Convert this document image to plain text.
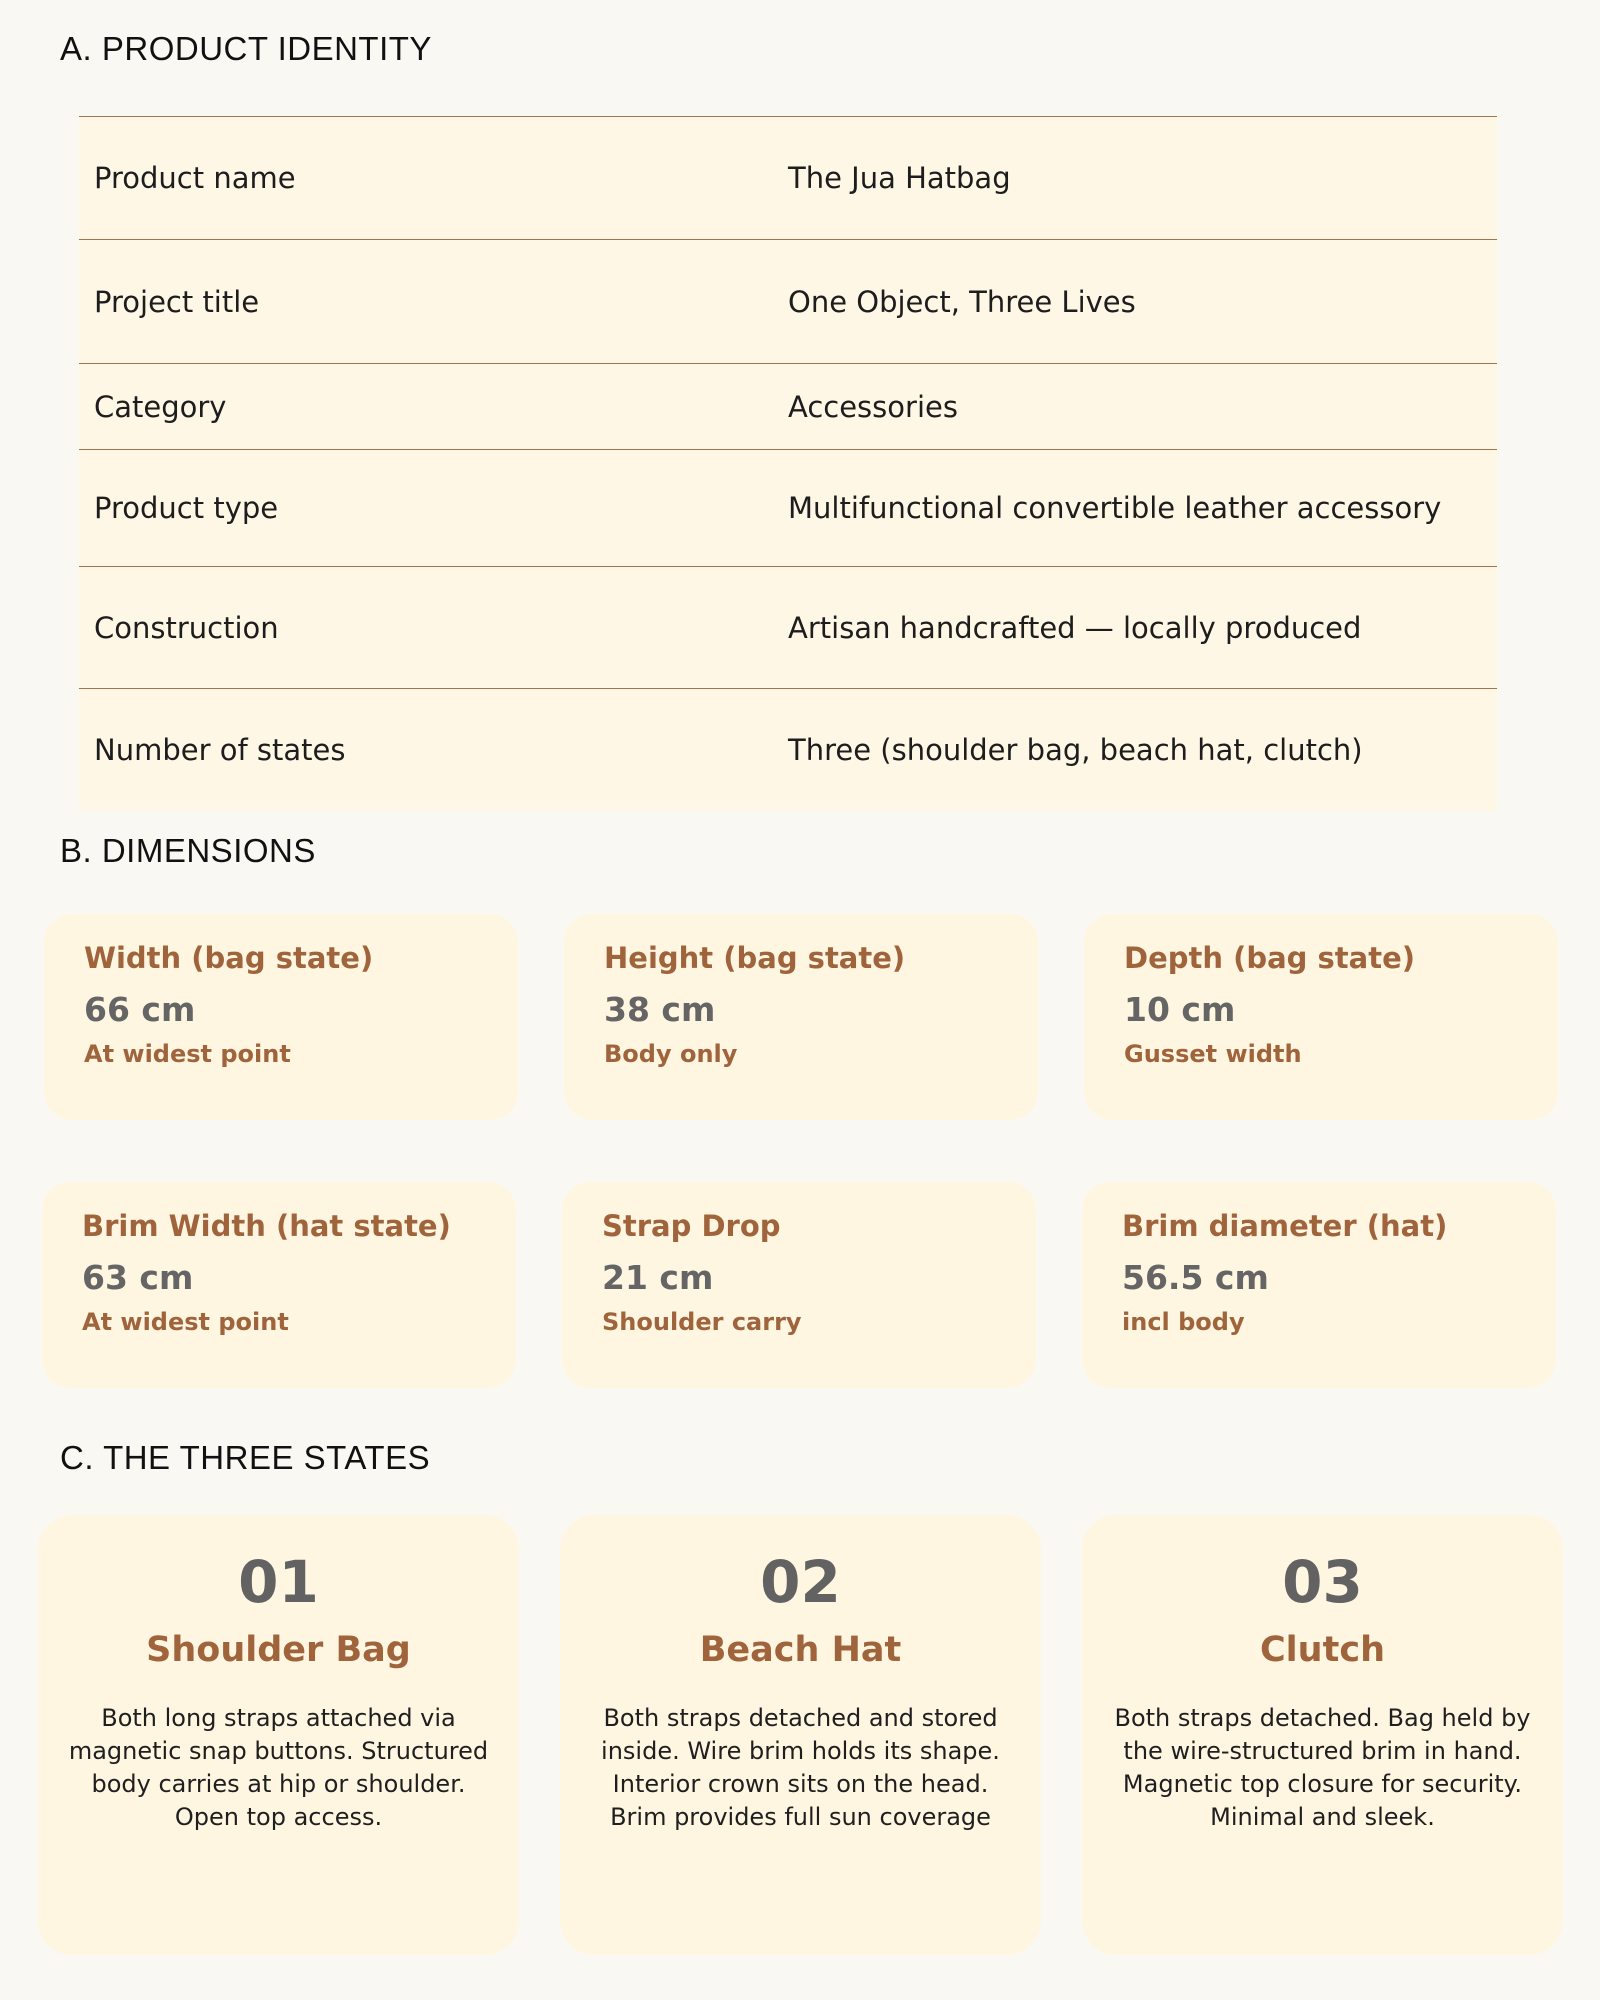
A. PRODUCT IDENTITY
Product name	The Jua Hatbag
Project title	One Object, Three Lives
Category	Accessories
Product type	Multifunctional convertible leather accessory
Construction	Artisan handcrafted — locally produced
Number of states	Three (shoulder bag, beach hat, clutch)
B. DIMENSIONS
Width (bag state)
66 cm
At widest point
Height (bag state)
38 cm
Body only
Depth (bag state)
10 cm
Gusset width
Brim Width (hat state)
63 cm
At widest point
Strap Drop
21 cm
Shoulder carry
Brim diameter (hat)
56.5 cm
incl body
C. THE THREE STATES
01
Shoulder Bag
Both long straps attached via magnetic snap buttons. Structured body carries at hip or shoulder. Open top access.
02
Beach Hat
Both straps detached and stored inside. Wire brim holds its shape. Interior crown sits on the head. Brim provides full sun coverage
03
Clutch
Both straps detached. Bag held by the wire-structured brim in hand. Magnetic top closure for security. Minimal and sleek.
